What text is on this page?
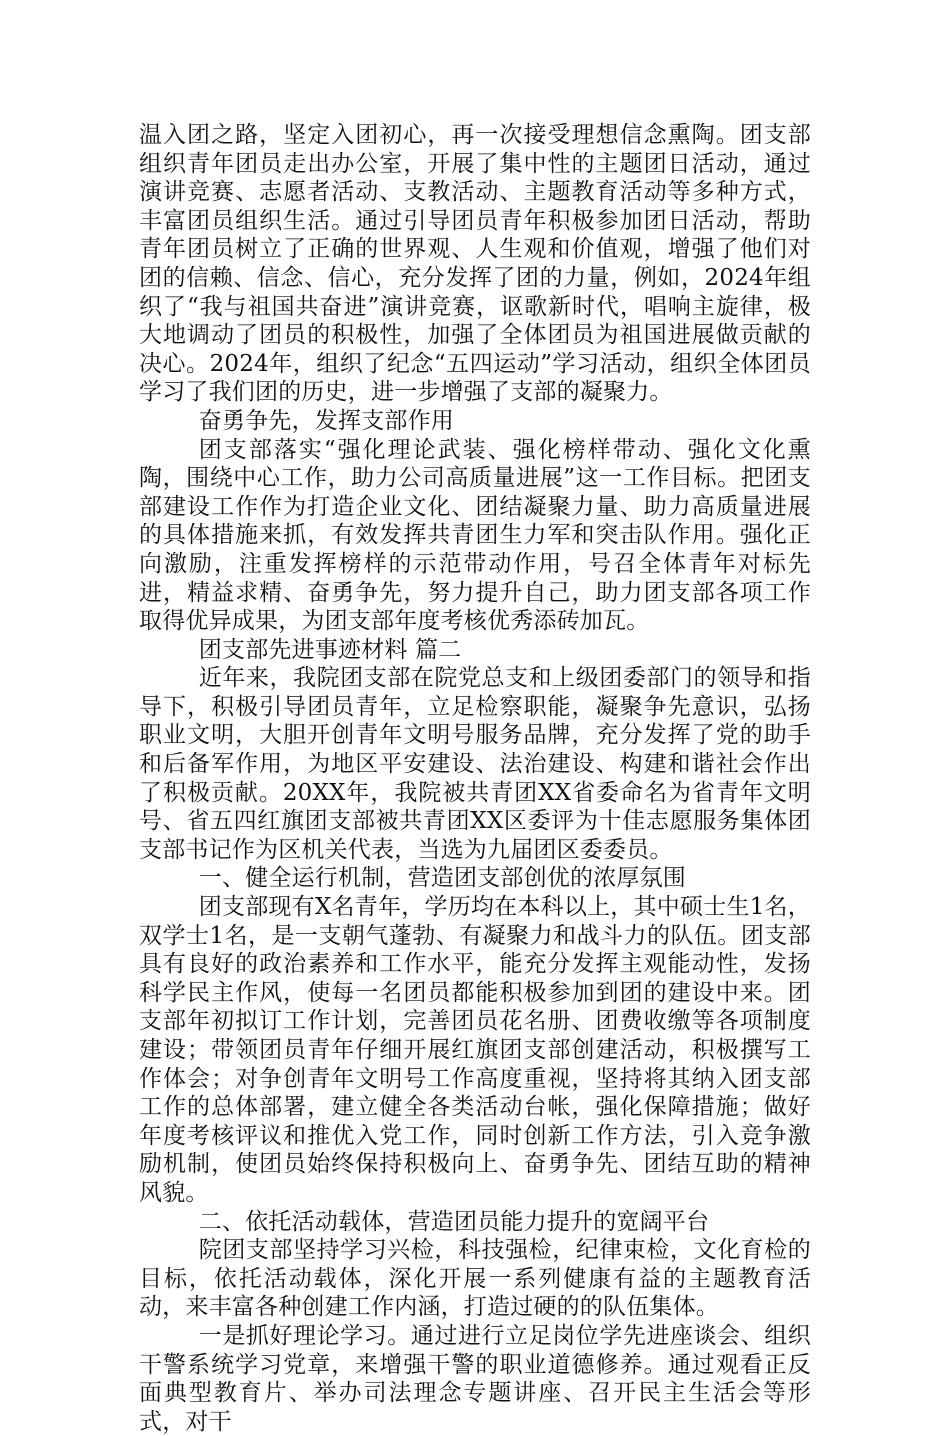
温入团之路，坚定入团初心，再一次接受理想信念熏陶。团支部组织青年团员走出办公室，开展了集中性的主题团日活动，通过演讲竞赛、志愿者活动、支教活动、主题教育活动等多种方式，丰富团员组织生活。通过引导团员青年积极参加团日活动，帮助青年团员树立了正确的世界观、人生观和价值观，增强了他们对团的信赖、信念、信心，充分发挥了团的力量，例如，2024年组织了“我与祖国共奋进”演讲竞赛，讴歌新时代，唱响主旋律，极大地调动了团员的积极性，加强了全体团员为祖国进展做贡献的决心。2024年，组织了纪念“五四运动”学习活动，组织全体团员学习了我们团的历史，进一步增强了支部的凝聚力。

奋勇争先，发挥支部作用

团支部落实“强化理论武装、强化榜样带动、强化文化熏陶，围绕中心工作，助力公司高质量进展”这一工作目标。把团支部建设工作作为打造企业文化、团结凝聚力量、助力高质量进展的具体措施来抓，有效发挥共青团生力军和突击队作用。强化正向激励，注重发挥榜样的示范带动作用，号召全体青年对标先进，精益求精、奋勇争先，努力提升自己，助力团支部各项工作取得优异成果，为团支部年度考核优秀添砖加瓦。

团支部先进事迹材料 篇二

近年来，我院团支部在院党总支和上级团委部门的领导和指导下，积极引导团员青年，立足检察职能，凝聚争先意识，弘扬职业文明，大胆开创青年文明号服务品牌，充分发挥了党的助手和后备军作用，为地区平安建设、法治建设、构建和谐社会作出了积极贡献。20XX年，我院被共青团XX省委命名为省青年文明号、省五四红旗团支部被共青团XX区委评为十佳志愿服务集体团支部书记作为区机关代表，当选为九届团区委委员。

一、健全运行机制，营造团支部创优的浓厚氛围

团支部现有X名青年，学历均在本科以上，其中硕士生1名，双学士1名，是一支朝气蓬勃、有凝聚力和战斗力的队伍。团支部具有良好的政治素养和工作水平，能充分发挥主观能动性，发扬科学民主作风，使每一名团员都能积极参加到团的建设中来。团支部年初拟订工作计划，完善团员花名册、团费收缴等各项制度建设；带领团员青年仔细开展红旗团支部创建活动，积极撰写工作体会；对争创青年文明号工作高度重视，坚持将其纳入团支部工作的总体部署，建立健全各类活动台帐，强化保障措施；做好年度考核评议和推优入党工作，同时创新工作方法，引入竞争激励机制，使团员始终保持积极向上、奋勇争先、团结互助的精神风貌。

二、依托活动载体，营造团员能力提升的宽阔平台

院团支部坚持学习兴检，科技强检，纪律束检，文化育检的目标，依托活动载体，深化开展一系列健康有益的主题教育活动，来丰富各种创建工作内涵，打造过硬的的队伍集体。

一是抓好理论学习。通过进行立足岗位学先进座谈会、组织干警系统学习党章，来增强干警的职业道德修养。通过观看正反面典型教育片、举办司法理念专题讲座、召开民主生活会等形式，对干
